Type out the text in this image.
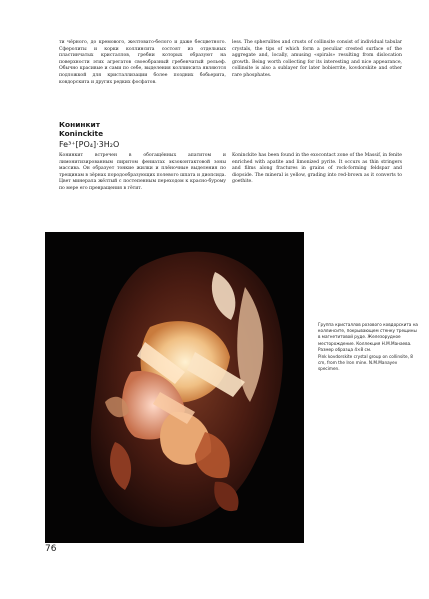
ти чёрного, до кремового, желтовато-белого и даже бесцветного. Сферолиты и корки коллинсита состоят из отдельных пластинчатых кристаллов, гребни которых образуют на поверхности этих агрегатов своеобразный гребенчатый рельеф. Обычно красивые и сами по себе, выделения коллинсита являются подложкой для кристаллизации более поздних бобьерита, ковдорскита и других редких фосфатов.

less. The spherulites and crusts of collinsite consist of individual tabular crystals, the tips of which form a peculiar crested surface of the aggregate and, locally, amusing «spirals» resulting from dislocation growth. Being worth collecting for its interesting and nice appearance, collinsite is also a sublayer for later bobierrite, kovdorskite and other rare phosphates.

Конинкит

Koninckite

Fe³⁺[PO₄]·3H₂O

Конинкит встречен в обогащённых апатитом и лимонитизированным пиритом фениатах экзоконтактовой зоны массива. Он образует тонкие жилки и плёночные выделения по трещинам в зёрнах породообразующих полевого шпата и диопсида. Цвет минерала жёлтый с постепенным переходом к красно-бурому по мере его превращения в гётит.

Koninckite has been found in the exocontact zone of the Massif, in fenite enriched with apatite and limonized pyrite. It occurs as thin stringers and films along fractures in grains of rock-forming feldspar and diopside. The mineral is yellow, grading into red-brown as it converts to goethite.

Группа кристаллов розового ковдорскита на коллинсите, покрывающем стенку трещины в магнетитовой руде. Железорудное месторождение. Коллекция Н.М.Манаева. Размер образца 4×8 см.

Pink kovdorskite crystal group on collinsite, 8 cm, from the Iron mine. N.M.Manayev specimen.

76
